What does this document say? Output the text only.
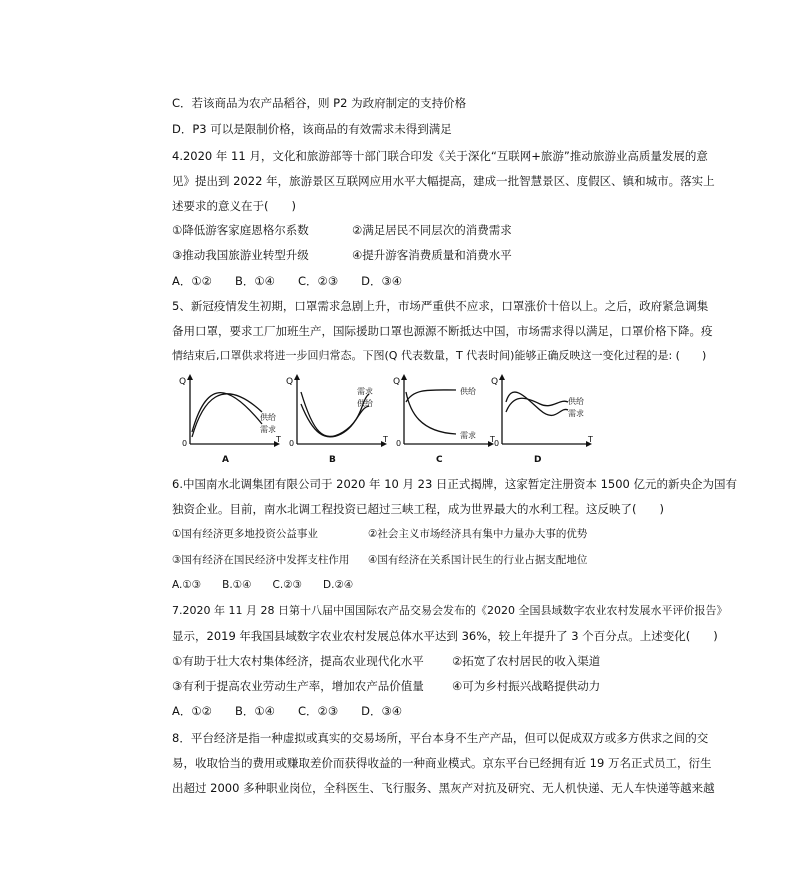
C．若该商品为农产品稻谷，则 P2 为政府制定的支持价格
D．P3 可以是限制价格，该商品的有效需求未得到满足
4.2020 年 11 月，文化和旅游部等十部门联合印发《关于深化“互联网+旅游”推动旅游业高质量发展的意
见》提出到 2022 年，旅游景区互联网应用水平大幅提高，建成一批智慧景区、度假区、镇和城市。落实上
述要求的意义在于(　　)
①降低游客家庭恩格尔系数	②满足居民不同层次的消费需求
③推动我国旅游业转型升级	④提升游客消费质量和消费水平
A．①②　　B．①④　　C．②③　　D．③④
5、新冠疫情发生初期，口罩需求急剧上升，市场严重供不应求，口罩涨价十倍以上。之后，政府紧急调集
备用口罩，要求工厂加班生产，国际援助口罩也源源不断抵达中国，市场需求得以满足，口罩价格下降。疫
情结束后,口罩供求将进一步回归常态。下图(Q 代表数量，T 代表时间)能够正确反映这一变化过程的是: (　　)
Q
0	T
供给
需求
A
Q
0	T
需求
供给
B
Q
0	T
供给
需求
C
Q
0	T
供给
需求
D
6.中国南水北调集团有限公司于 2020 年 10 月 23 日正式揭牌，这家暂定注册资本 1500 亿元的新央企为国有
独资企业。目前，南水北调工程投资已超过三峡工程，成为世界最大的水利工程。这反映了(　　)
①国有经济更多地投资公益事业	②社会主义市场经济具有集中力量办大事的优势
③国有经济在国民经济中发挥支柱作用 ④国有经济在关系国计民生的行业占据支配地位
A.①③　　B.①④　　C.②③　　D.②④
7.2020 年 11 月 28 日第十八届中国国际农产品交易会发布的《2020 全国县域数字农业农村发展水平评价报告》
显示，2019 年我国县域数字农业农村发展总体水平达到 36%，较上年提升了 3 个百分点。上述变化(　　)
①有助于壮大农村集体经济，提高农业现代化水平 ②拓宽了农村居民的收入渠道
③有利于提高农业劳动生产率，增加农产品价值量 ④可为乡村振兴战略提供动力
A．①②　　B．①④　　C．②③　　D．③④
8．平台经济是指一种虚拟或真实的交易场所，平台本身不生产产品，但可以促成双方或多方供求之间的交
易，收取恰当的费用或赚取差价而获得收益的一种商业模式。京东平台已经拥有近 19 万名正式员工，衍生
出超过 2000 多种职业岗位，全科医生、飞行服务、黑灰产对抗及研究、无人机快递、无人车快递等越来越
